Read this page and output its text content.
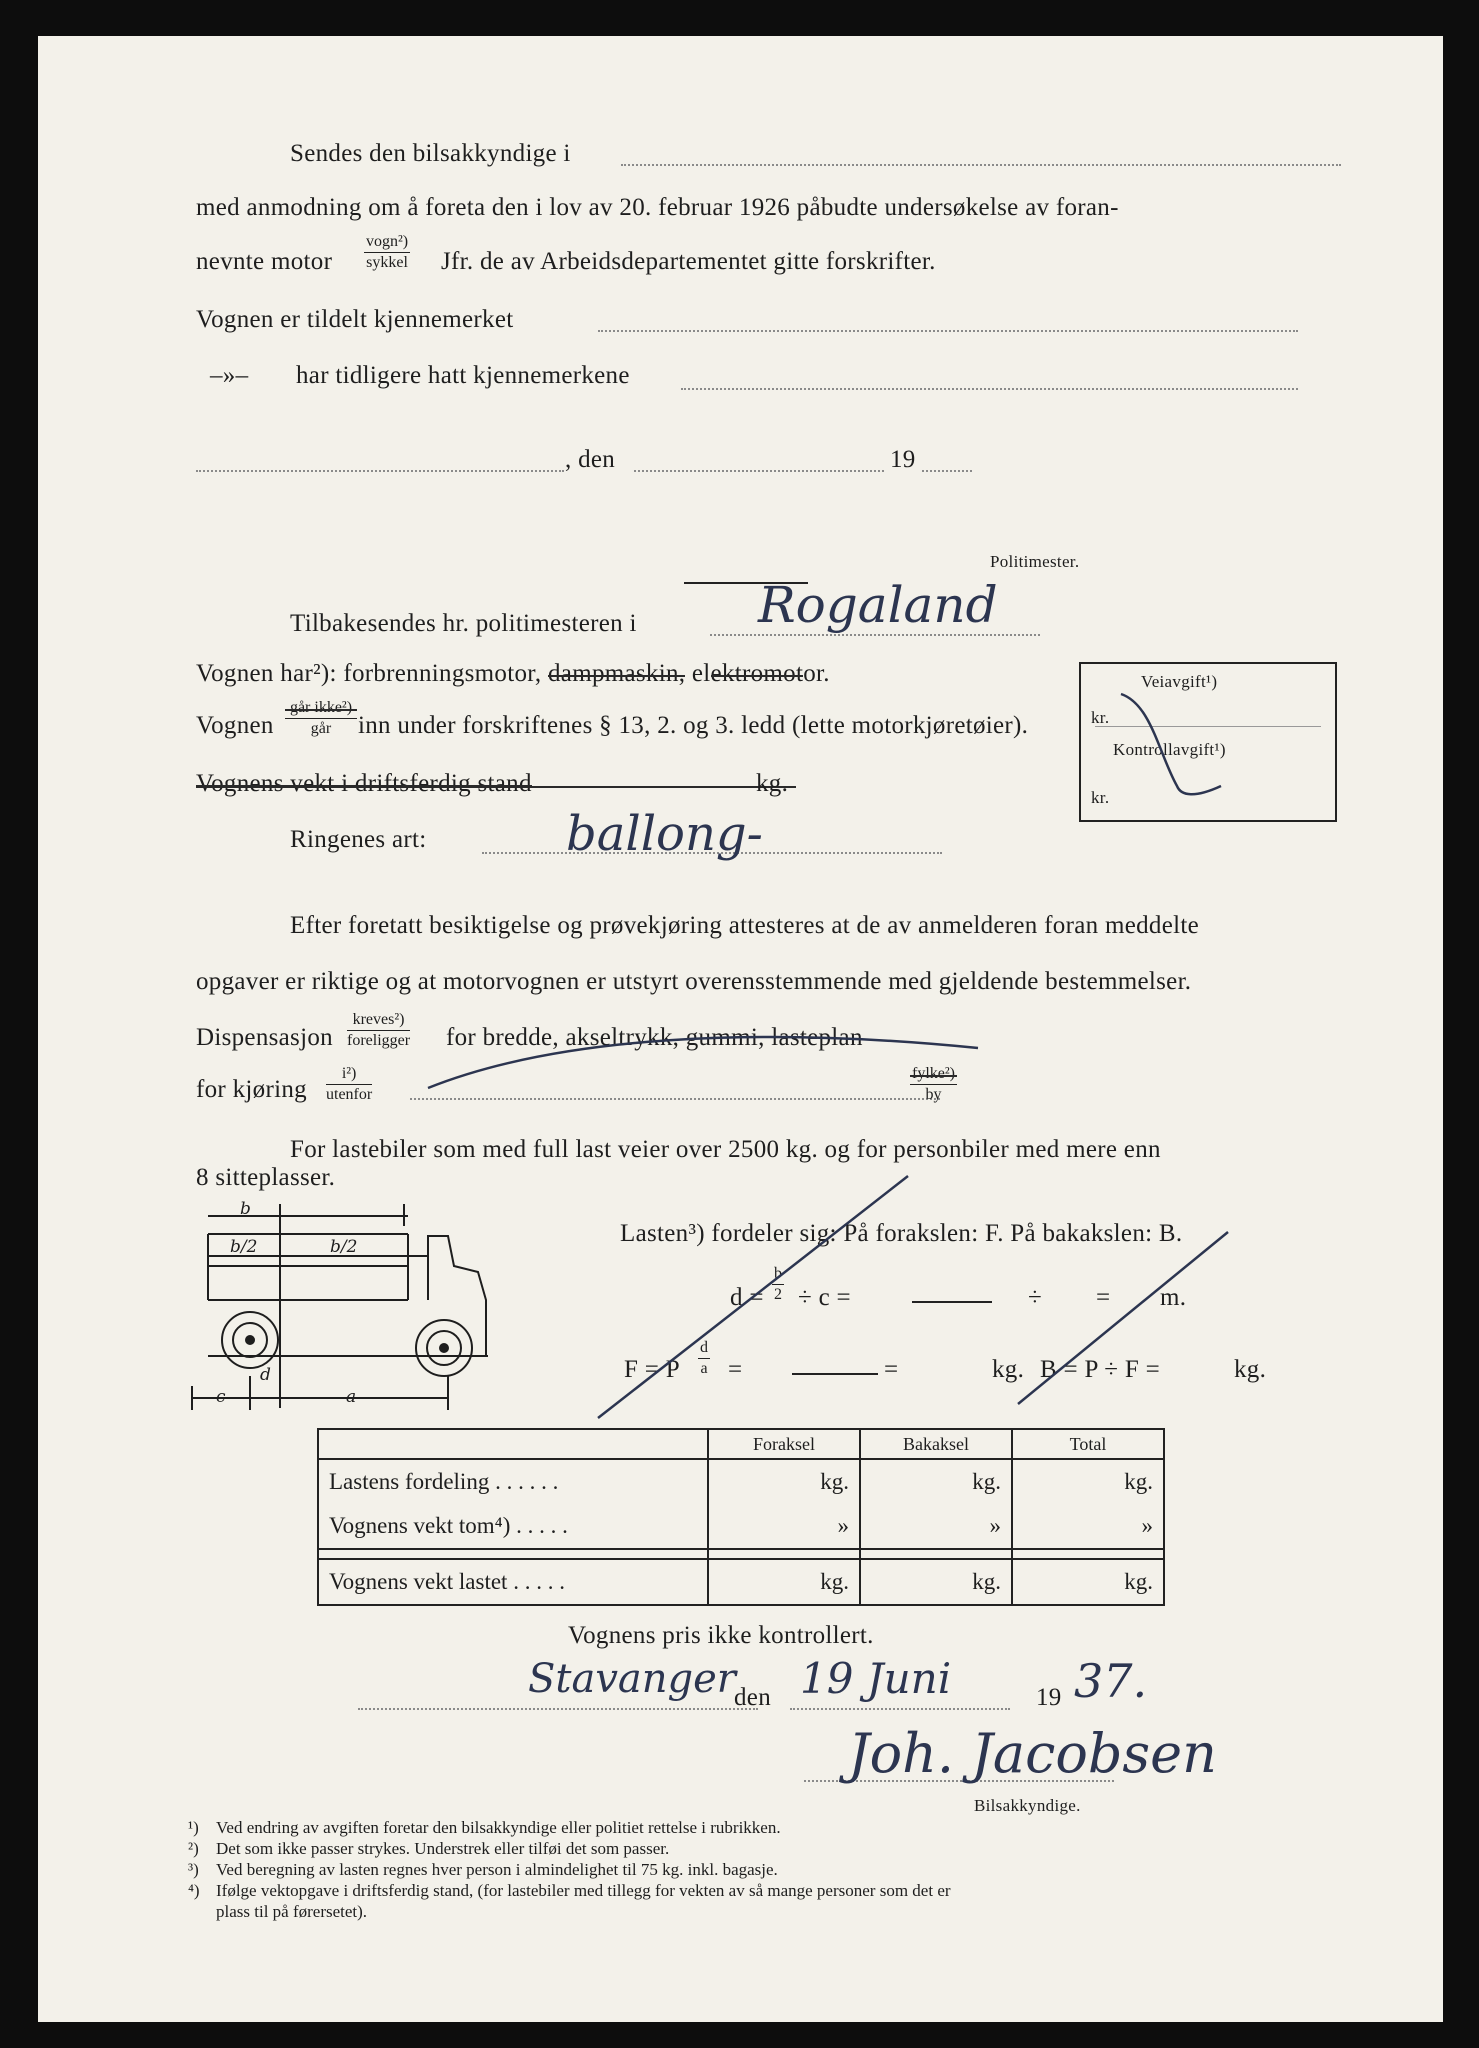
Sendes den bilsakkyndige i
med anmodning om å foreta den i lov av 20. februar 1926 påbudte undersøkelse av foran-
nevnte motor
vogn²)
sykkel Jfr. de av Arbeidsdepartementet gitte forskrifter.
Vognen er tildelt kjennemerket
–»– har tidligere hatt kjennemerkene
, den	19
Politimester.
Tilbakesendes hr. politimesteren i Rogaland
Vognen har²): forbrenningsmotor, dampmaskin, elektromotor.
Vognen
går ikke²)
går	inn under forskriftenes § 13, 2. og 3. ledd (lette motorkjøretøier).
Vognens vekt i driftsferdig stand	kg.
Ringenes art:	ballong-
Veiavgift¹)
kr.
Kontrollavgift¹)
kr.
Efter foretatt besiktigelse og prøvekjøring attesteres at de av anmelderen foran meddelte
opgaver er riktige og at motorvognen er utstyrt overensstemmende med gjeldende bestemmelser.
Dispensasjon
kreves²)
foreligger for bredde, akseltrykk, gummi, lasteplan
for kjøring
i²)
utenfor
fylke²)
by
For lastebiler som med full last veier over 2500 kg. og for personbiler med mere enn
8 sitteplasser.
b
b/2	b/2
c
d
a
Lasten³) fordeler sig: På forakslen: F. På bakakslen: B.
$d = \frac{b}{2} \div c$ =	÷ = m.
F = P $\frac{d}{a}$ =	=	kg. B = P ÷ F =	kg.
	Foraksel	Bakaksel	Total
Lastens fordeling . . . . . .	kg.	kg.	kg.
Vognens vekt tom⁴) . . . . .	»	»	»

Vognens vekt lastet . . . . .	kg.	kg.	kg.
Vognens pris ikke kontrollert.
Stavanger
den 19 Juni	19 37.
Joh. Jacobsen
Bilsakkyndige.
¹) Ved endring av avgiften foretar den bilsakkyndige eller politiet rettelse i rubrikken.
²) Det som ikke passer strykes. Understrek eller tilføi det som passer.
³) Ved beregning av lasten regnes hver person i almindelighet til 75 kg. inkl. bagasje.
⁴) Ifølge vektopgave i driftsferdig stand, (for lastebiler med tillegg for vekten av så mange personer som det er
plass til på førersetet).
